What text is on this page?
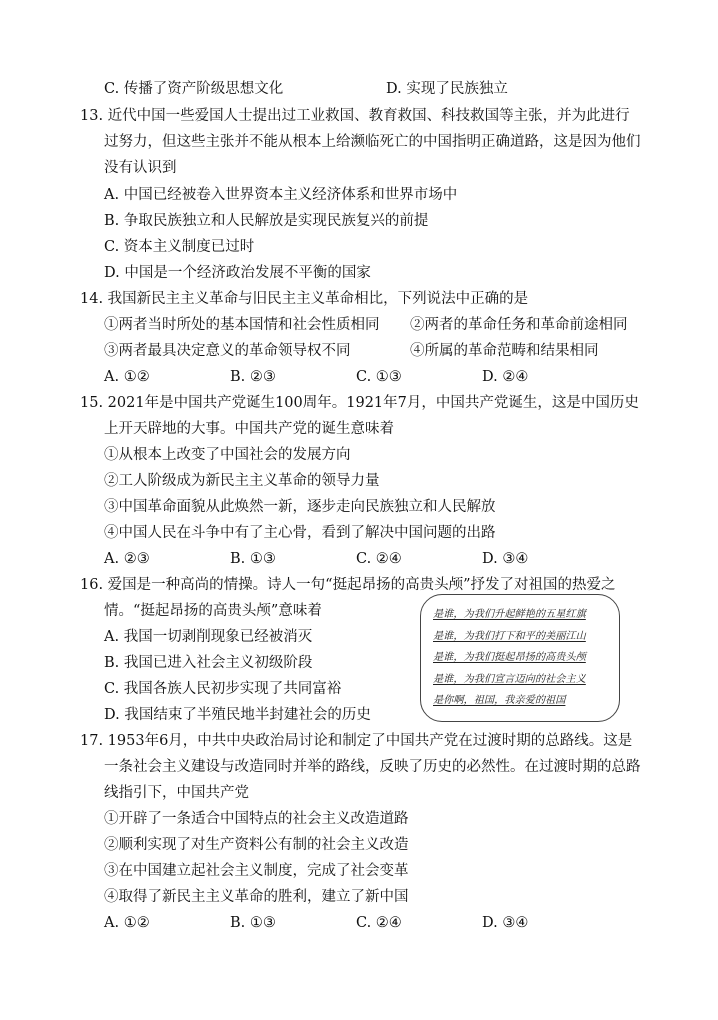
C. 传播了资产阶级思想文化	D. 实现了民族独立
13. 近代中国一些爱国人士提出过工业救国、教育救国、科技救国等主张，并为此进行
过努力，但这些主张并不能从根本上给濒临死亡的中国指明正确道路，这是因为他们
没有认识到
A. 中国已经被卷入世界资本主义经济体系和世界市场中
B. 争取民族独立和人民解放是实现民族复兴的前提
C. 资本主义制度已过时
D. 中国是一个经济政治发展不平衡的国家
14. 我国新民主主义革命与旧民主主义革命相比，下列说法中正确的是
①两者当时所处的基本国情和社会性质相同 ②两者的革命任务和革命前途相同
③两者最具决定意义的革命领导权不同	④所属的革命范畴和结果相同
A. ①②	B. ②③	C. ①③	D. ②④
15. 2021年是中国共产党诞生100周年。1921年7月，中国共产党诞生，这是中国历史
上开天辟地的大事。中国共产党的诞生意味着
①从根本上改变了中国社会的发展方向
②工人阶级成为新民主主义革命的领导力量
③中国革命面貌从此焕然一新，逐步走向民族独立和人民解放
④中国人民在斗争中有了主心骨，看到了解决中国问题的出路
A. ②③	B. ①③	C. ②④	D. ③④
16. 爱国是一种高尚的情操。诗人一句“挺起昂扬的高贵头颅”抒发了对祖国的热爱之
情。“挺起昂扬的高贵头颅”意味着
A. 我国一切剥削现象已经被消灭
B. 我国已进入社会主义初级阶段
C. 我国各族人民初步实现了共同富裕
D. 我国结束了半殖民地半封建社会的历史
是谁，为我们升起鲜艳的五星红旗
是谁，为我们打下和平的美丽江山
是谁，为我们挺起昂扬的高贵头颅
是谁，为我们宣言迈向的社会主义
是你啊，祖国，我亲爱的祖国
17. 1953年6月，中共中央政治局讨论和制定了中国共产党在过渡时期的总路线。这是
一条社会主义建设与改造同时并举的路线，反映了历史的必然性。在过渡时期的总路
线指引下，中国共产党
①开辟了一条适合中国特点的社会主义改造道路
②顺利实现了对生产资料公有制的社会主义改造
③在中国建立起社会主义制度，完成了社会变革
④取得了新民主主义革命的胜利，建立了新中国
A. ①②	B. ①③	C. ②④	D. ③④
